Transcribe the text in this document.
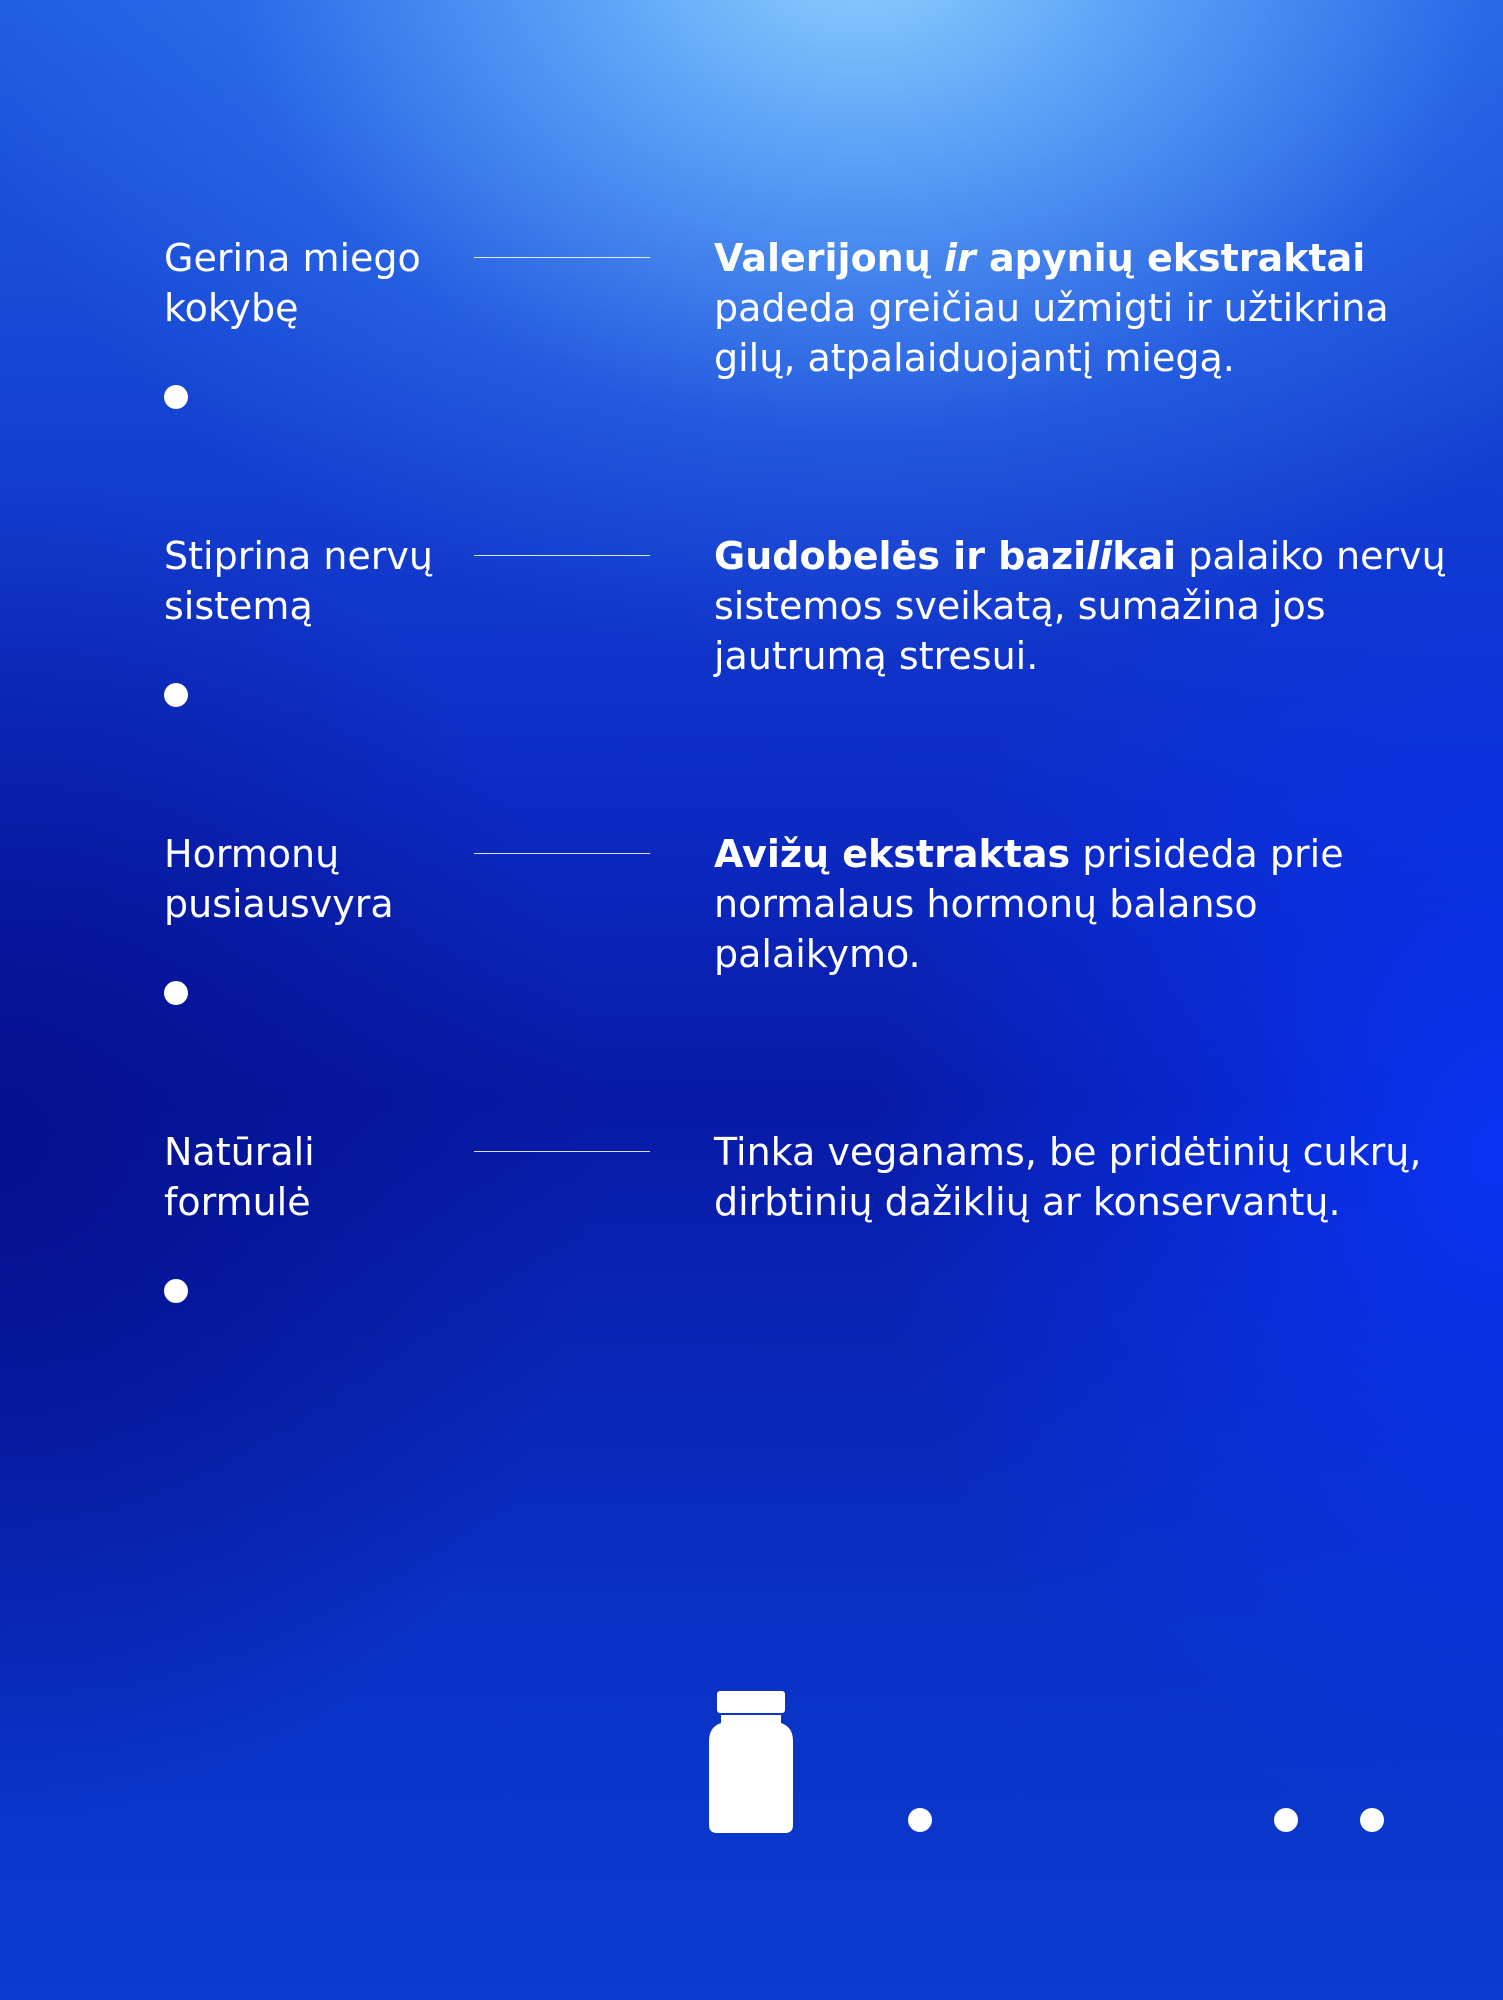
Gerina miego
kokybę
Valerijonų ir apynių ekstraktai padeda greičiau užmigti ir užtikrina gilų, atpalaiduojantį miegą.
Stiprina nervų
sistemą
Gudobelės ir bazilikai palaiko nervų sistemos sveikatą, sumažina jos jautrumą stresui.
Hormonų
pusiausvyra
Avižų ekstraktas prisideda prie normalaus hormonų balanso palaikymo.
Natūrali
formulė
Tinka veganams, be pridėtinių cukrų, dirbtinių dažiklių ar konservantų.
